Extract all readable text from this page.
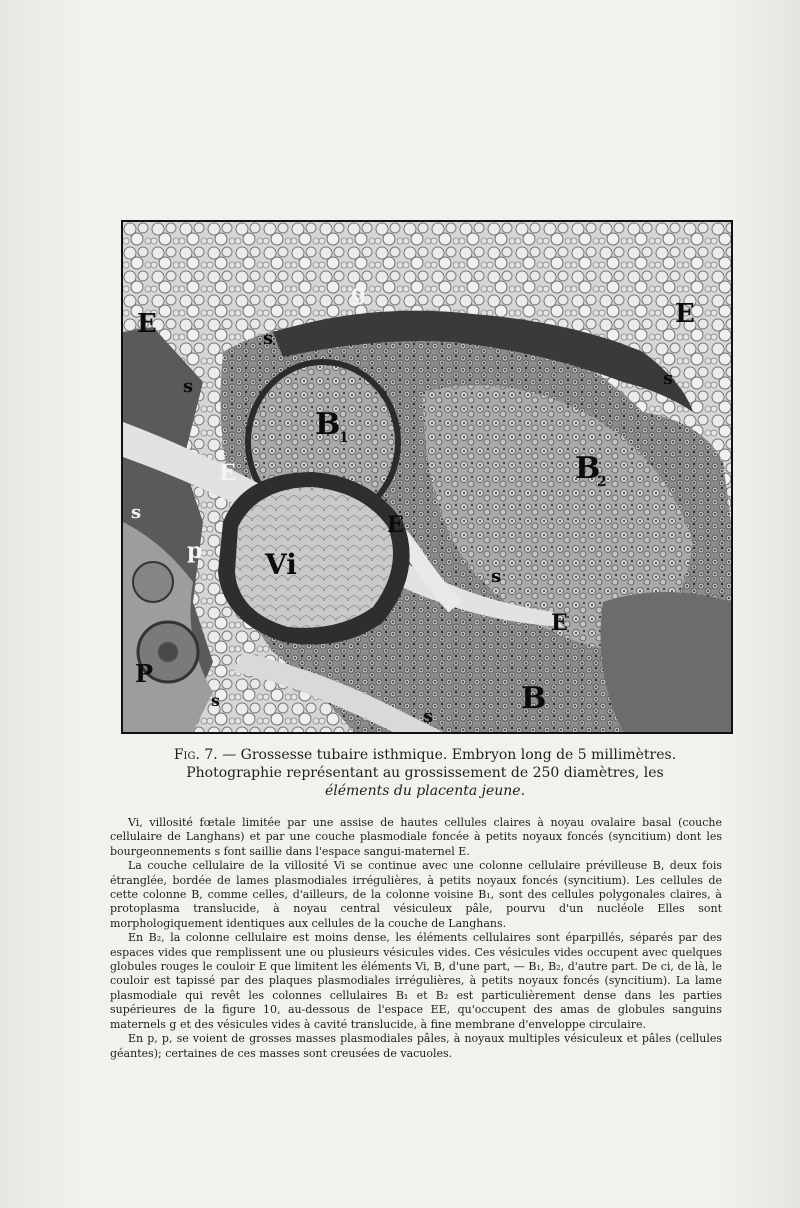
E	E
E
E
E
B
1
B
2
B
Vi
P
p
g
s
s
s
s
s
s
s
Fig. 7. — Grossesse tubaire isthmique. Embryon long de 5 millimètres.
Photographie représentant au grossissement de 250 diamètres, les éléments du placenta jeune.

Vi, villosité fœtale limitée par une assise de hautes cellules claires à noyau ovalaire basal (couche cellulaire de Langhans) et par une couche plasmodiale foncée à petits noyaux foncés (syncitium) dont les bourgeonnements s font saillie dans l'espace sangui-maternel E.

La couche cellulaire de la villosité Vi se continue avec une colonne cellulaire prévilleuse B, deux fois étranglée, bordée de lames plasmodiales irrégulières, à petits noyaux foncés (syncitium). Les cellules de cette colonne B, comme celles, d'ailleurs, de la colonne voisine B₁, sont des cellules polygonales claires, à protoplasma translucide, à noyau central vésiculeux pâle, pourvu d'un nucléole Elles sont morphologiquement identiques aux cellules de la couche de Langhans.

En B₂, la colonne cellulaire est moins dense, les éléments cellulaires sont éparpillés, séparés par des espaces vides que remplissent une ou plusieurs vésicules vides. Ces vésicules vides occupent avec quelques globules rouges le couloir E que limitent les éléments Vi, B, d'une part, — B₁, B₂, d'autre part. De ci, de là, le couloir est tapissé par des plaques plasmodiales irrégulières, à petits noyaux foncés (syncitium). La lame plasmodiale qui revêt les colonnes cellulaires B₁ et B₂ est particulièrement dense dans les parties supérieures de la figure 10, au-dessous de l'espace EE, qu'occupent des amas de globules sanguins maternels g et des vésicules vides à cavité translucide, à fine membrane d'enveloppe circulaire.

En p, p, se voient de grosses masses plasmodiales pâles, à noyaux multiples vésiculeux et pâles (cellules géantes); certaines de ces masses sont creusées de vacuoles.
